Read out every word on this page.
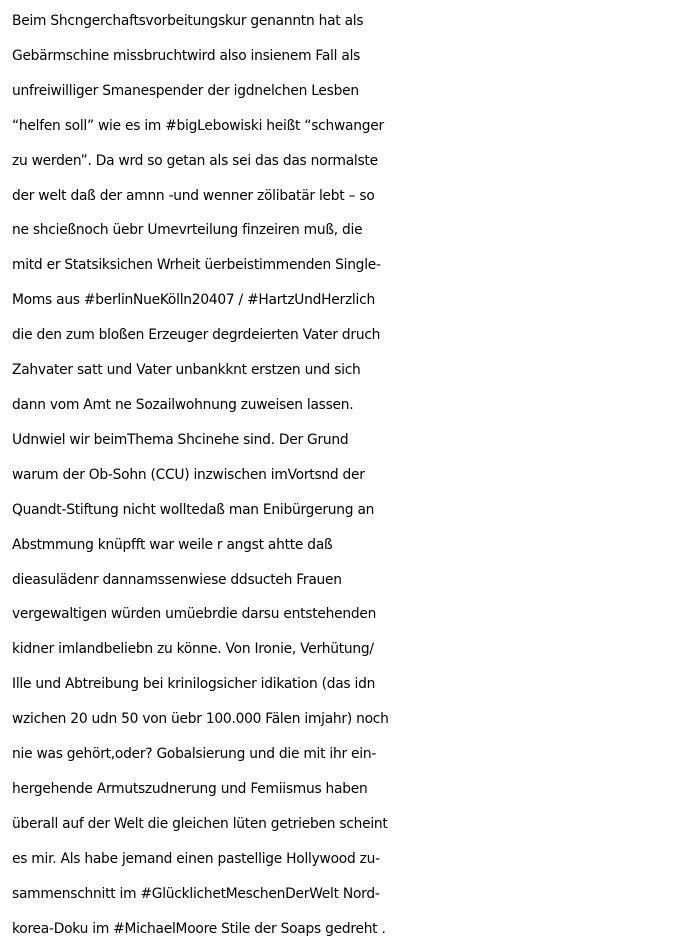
Beim Shcngerchaftsvorbeitungskur genanntn hat als
Gebärmschine missbruchtwird also insienem Fall als
unfreiwilliger Smanespender der igdnelchen Lesben
“helfen soll” wie es im #bigLebowiski heißt “schwanger
zu werden”. Da wrd so getan als sei das das normalste
der welt daß der amnn -und wenner zölibatär lebt – so
ne shcießnoch üebr Umevrteilung finzeiren muß, die
mitd er Statsiksichen Wrheit üerbeistimmenden Single-
Moms aus #berlinNueKölln20407 / #HartzUndHerzlich
die den zum bloßen Erzeuger degrdeierten Vater druch
Zahvater satt und Vater unbankknt erstzen und sich
dann vom Amt ne Sozailwohnung zuweisen lassen.
Udnwiel wir beimThema Shcinehe sind. Der Grund
warum der Ob-Sohn (CCU) inzwischen imVortsnd der
Quandt-Stiftung nicht wolltedaß man Enibürgerung an
Abstmmung knüpfft war weile r angst ahtte daß
dieasulädenr dannamssenwiese ddsucteh Frauen
vergewaltigen würden umüebrdie darsu entstehenden
kidner imlandbeliebn zu könne. Von Ironie, Verhütung/
Ille und Abtreibung bei krinilogsicher idikation (das idn
wzichen 20 udn 50 von üebr 100.000 Fälen imjahr) noch
nie was gehört,oder? Gobalsierung und die mit ihr ein-
hergehende Armutszudnerung und Femiismus haben
überall auf der Welt die gleichen lüten getrieben scheint
es mir. Als habe jemand einen pastellige Hollywood zu-
sammenschnitt im #GlücklichetMeschenDerWelt Nord-
korea-Doku im #MichaelMoore Stile der Soaps gedreht .
